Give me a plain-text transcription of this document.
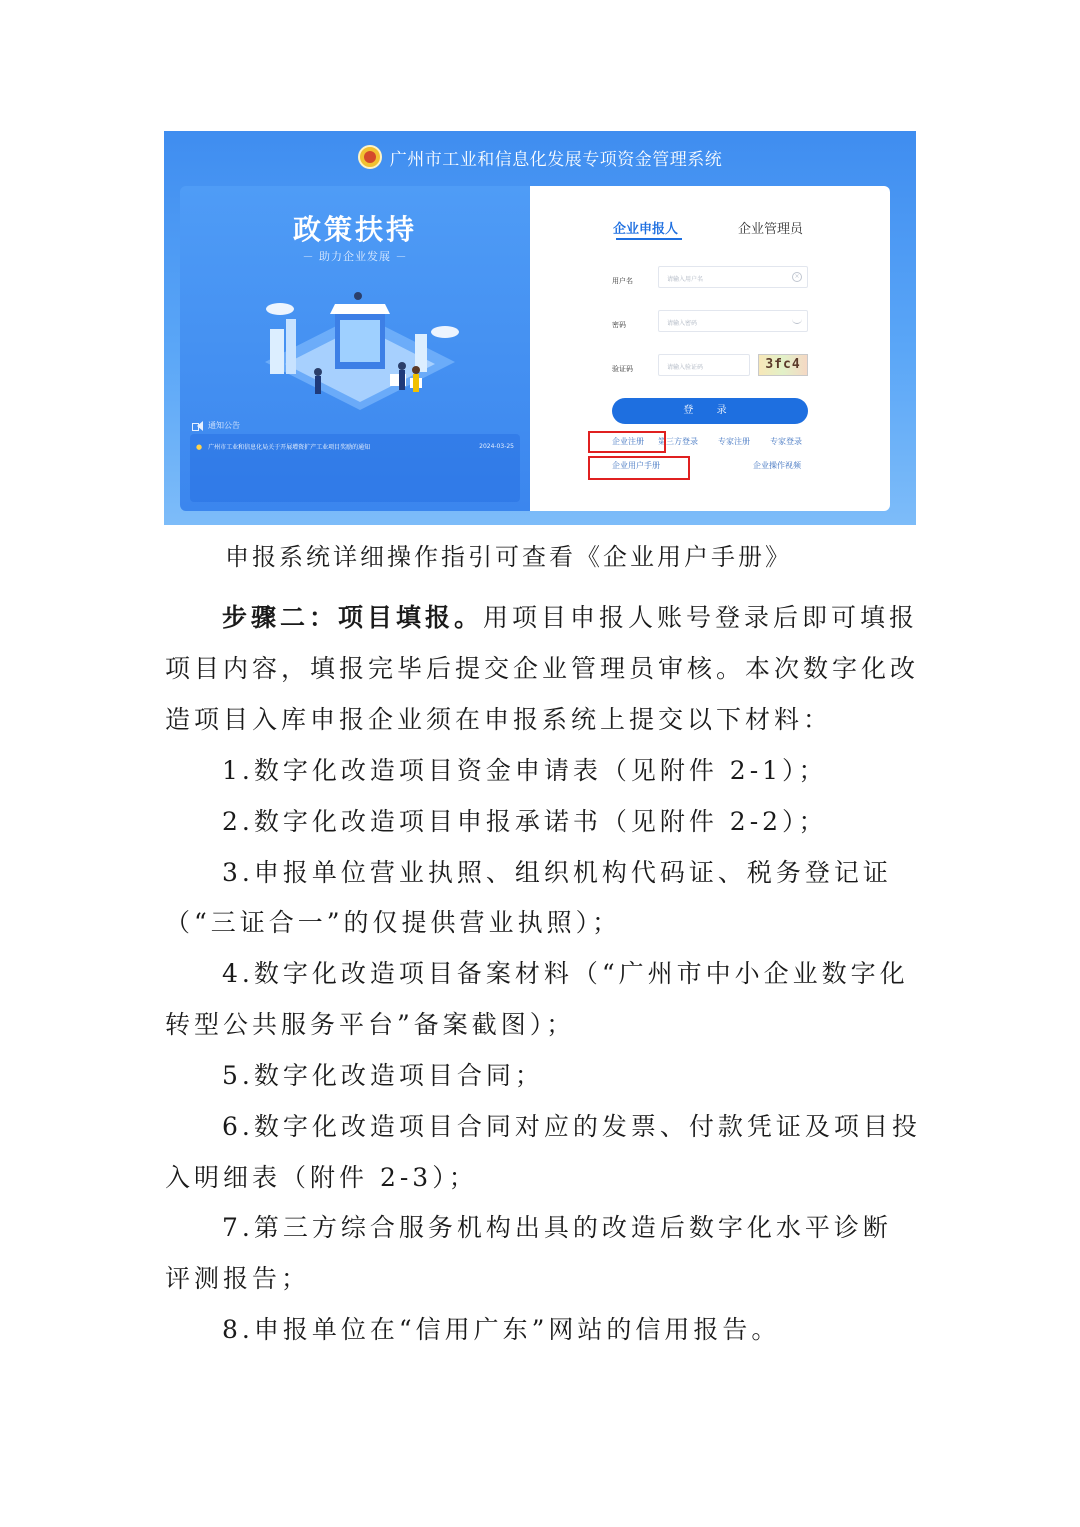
广州市工业和信息化发展专项资金管理系统
政策扶持
－ 助力企业发展 －
通知公告
● 广州市工业和信息化局关于开展增资扩产工业项目奖励的通知	2024-03-25
企业申报人	企业管理员
用户名	请输入用户名	×
密码	请输入密码
验证码	请输入验证码	3fc4
登 录
企业注册 第三方登录	专家注册	专家登录
企业用户手册	企业操作视频
申报系统详细操作指引可查看《企业用户手册》
步骤二：项目填报。用项目申报人账号登录后即可填报
项目内容，填报完毕后提交企业管理员审核。本次数字化改
造项目入库申报企业须在申报系统上提交以下材料：
1.数字化改造项目资金申请表（见附件 2-1）；
2.数字化改造项目申报承诺书（见附件 2-2）；
3.申报单位营业执照、组织机构代码证、税务登记证
（“三证合一”的仅提供营业执照）；
4.数字化改造项目备案材料（“广州市中小企业数字化
转型公共服务平台”备案截图）；
5.数字化改造项目合同；
6.数字化改造项目合同对应的发票、付款凭证及项目投
入明细表（附件 2-3）；
7.第三方综合服务机构出具的改造后数字化水平诊断
评测报告；
8.申报单位在“信用广东”网站的信用报告。
